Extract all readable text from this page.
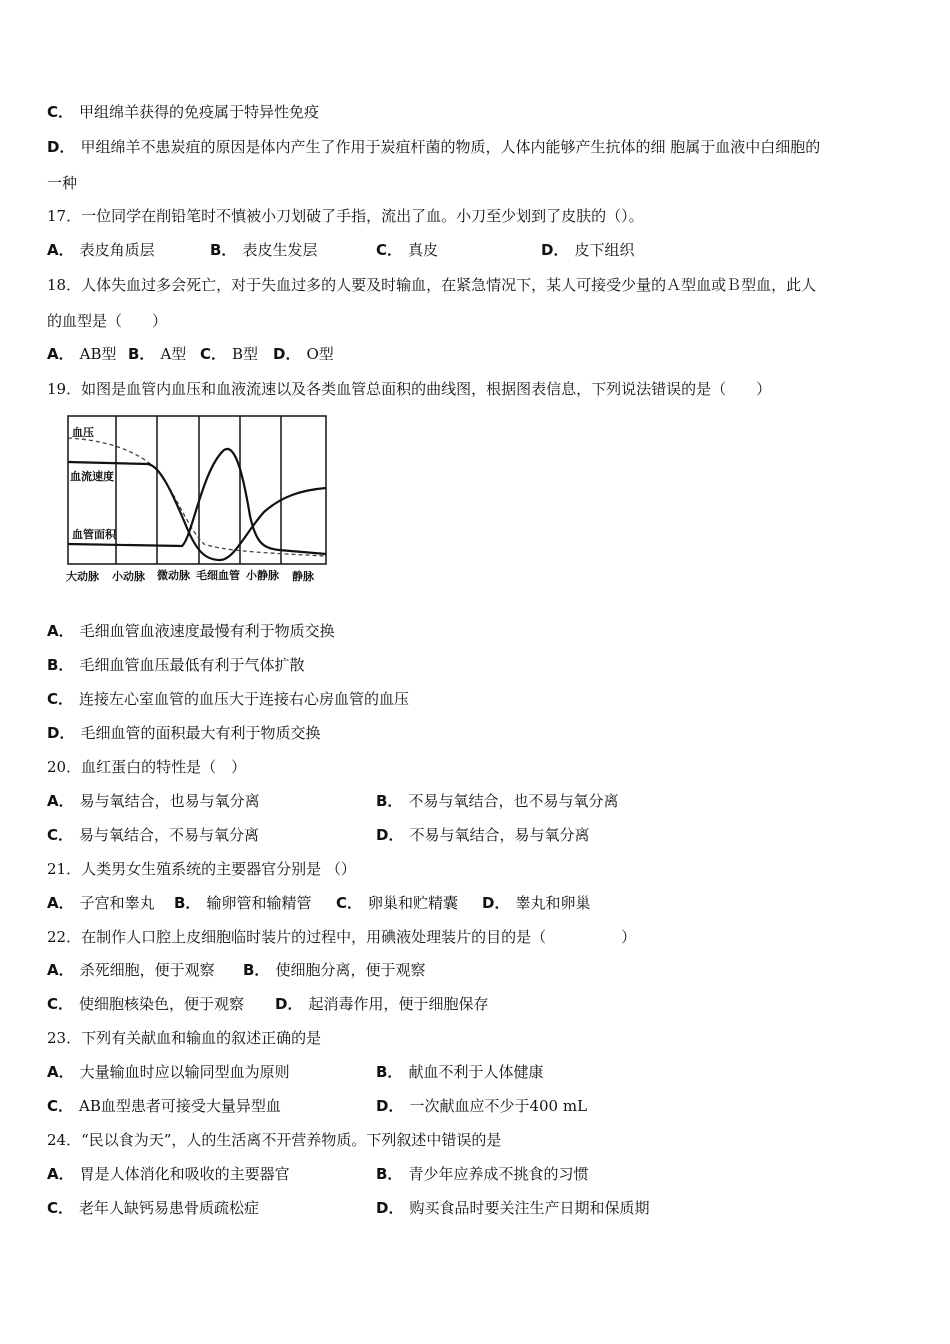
C． 甲组绵羊获得的免疫属于特异性免疫
D． 甲组绵羊不患炭疽的原因是体内产生了作用于炭疽杆菌的物质，人体内能够产生抗体的细 胞属于血液中白细胞的
一种
17．一位同学在削铅笔时不慎被小刀划破了手指，流出了血。小刀至少划到了皮肤的（）。
A． 表皮角质层	B． 表皮生发层	C． 真皮	D． 皮下组织
18．人体失血过多会死亡，对于失血过多的人要及时输血，在紧急情况下，某人可接受少量的Ａ型血或Ｂ型血，此人
的血型是（　　）
A． AB型 B． A型 C． B型 D． O型
19．如图是血管内血压和血液流速以及各类血管总面积的曲线图，根据图表信息，下列说法错误的是（　　）
血压
血流速度
血管面积
大动脉 小动脉 微动脉 毛细血管 小静脉 静脉
A． 毛细血管血液速度最慢有利于物质交换
B． 毛细血管血压最低有利于气体扩散
C． 连接左心室血管的血压大于连接右心房血管的血压
D． 毛细血管的面积最大有利于物质交换
20．血红蛋白的特性是（　）
A． 易与氧结合，也易与氧分离	B． 不易与氧结合，也不易与氧分离
C． 易与氧结合，不易与氧分离	D． 不易与氧结合，易与氧分离
21．人类男女生殖系统的主要器官分别是 （）
A． 子宫和睾丸 B． 输卵管和输精管 C． 卵巢和贮精囊 D． 睾丸和卵巢
22．在制作人口腔上皮细胞临时装片的过程中，用碘液处理装片的目的是（　　　　　）
A． 杀死细胞，便于观察 B． 使细胞分离，便于观察
C． 使细胞核染色，便于观察 D． 起消毒作用，便于细胞保存
23．下列有关献血和输血的叙述正确的是
A． 大量输血时应以输同型血为原则	B． 献血不利于人体健康
C． AB血型患者可接受大量异型血	D． 一次献血应不少于400 mL
24．“民以食为天”，人的生活离不开营养物质。下列叙述中错误的是
A． 胃是人体消化和吸收的主要器官	B． 青少年应养成不挑食的习惯
C． 老年人缺钙易患骨质疏松症	D． 购买食品时要关注生产日期和保质期
